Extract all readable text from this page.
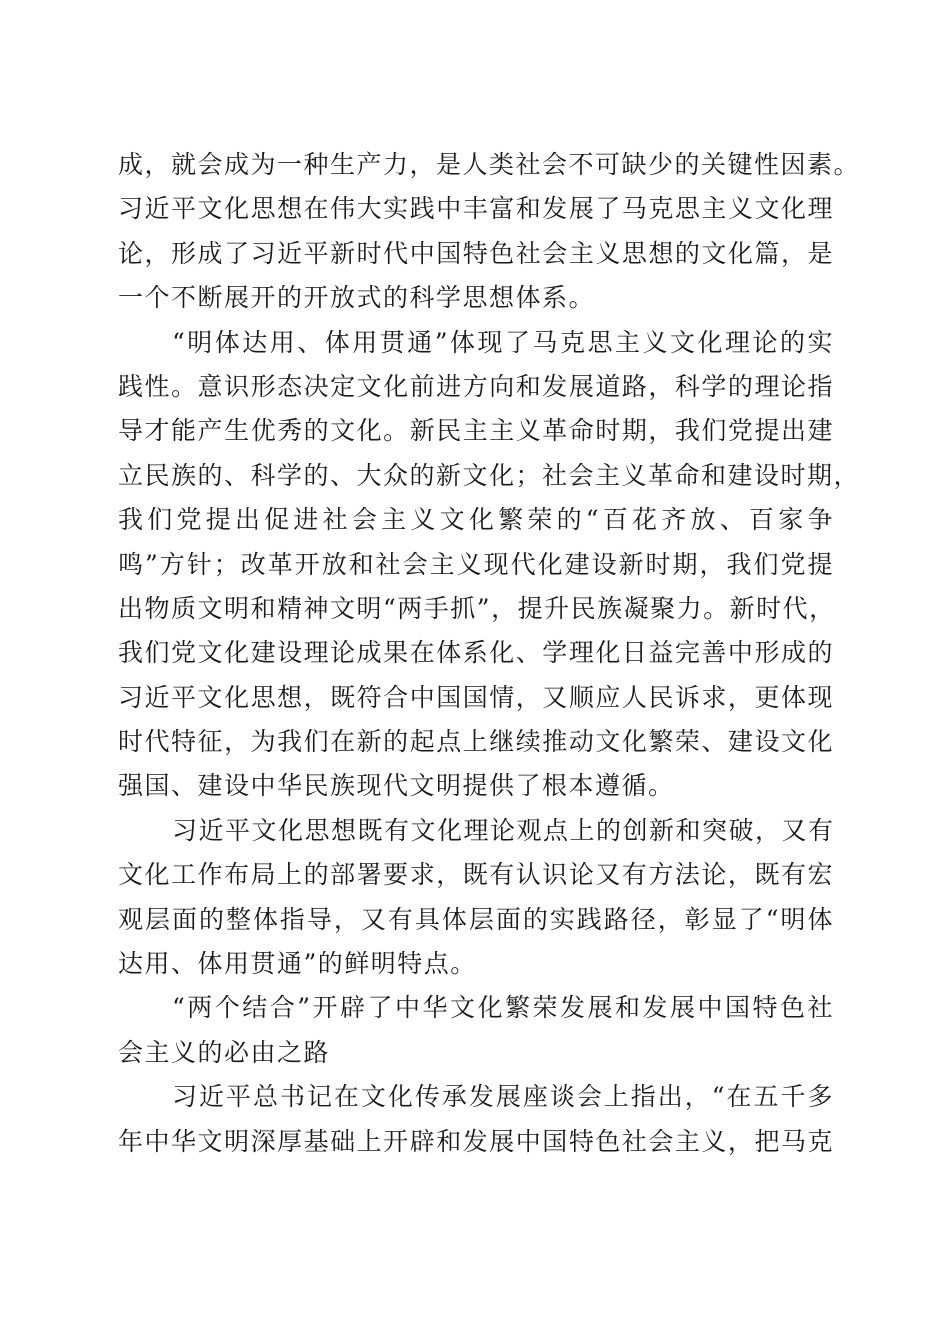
成，就会成为一种生产力，是人类社会不可缺少的关键性因素。
习近平文化思想在伟大实践中丰富和发展了马克思主义文化理
论，形成了习近平新时代中国特色社会主义思想的文化篇，是
一个不断展开的开放式的科学思想体系。
“明体达用、体用贯通”体现了马克思主义文化理论的实
践性。意识形态决定文化前进方向和发展道路，科学的理论指
导才能产生优秀的文化。新民主主义革命时期，我们党提出建
立民族的、科学的、大众的新文化；社会主义革命和建设时期，
我们党提出促进社会主义文化繁荣的“百花齐放、百家争
鸣”方针；改革开放和社会主义现代化建设新时期，我们党提
出物质文明和精神文明“两手抓”，提升民族凝聚力。新时代，
我们党文化建设理论成果在体系化、学理化日益完善中形成的
习近平文化思想，既符合中国国情，又顺应人民诉求，更体现
时代特征，为我们在新的起点上继续推动文化繁荣、建设文化
强国、建设中华民族现代文明提供了根本遵循。
习近平文化思想既有文化理论观点上的创新和突破，又有
文化工作布局上的部署要求，既有认识论又有方法论，既有宏
观层面的整体指导，又有具体层面的实践路径，彰显了“明体
达用、体用贯通”的鲜明特点。
“两个结合”开辟了中华文化繁荣发展和发展中国特色社
会主义的必由之路
习近平总书记在文化传承发展座谈会上指出，“在五千多
年中华文明深厚基础上开辟和发展中国特色社会主义，把马克
